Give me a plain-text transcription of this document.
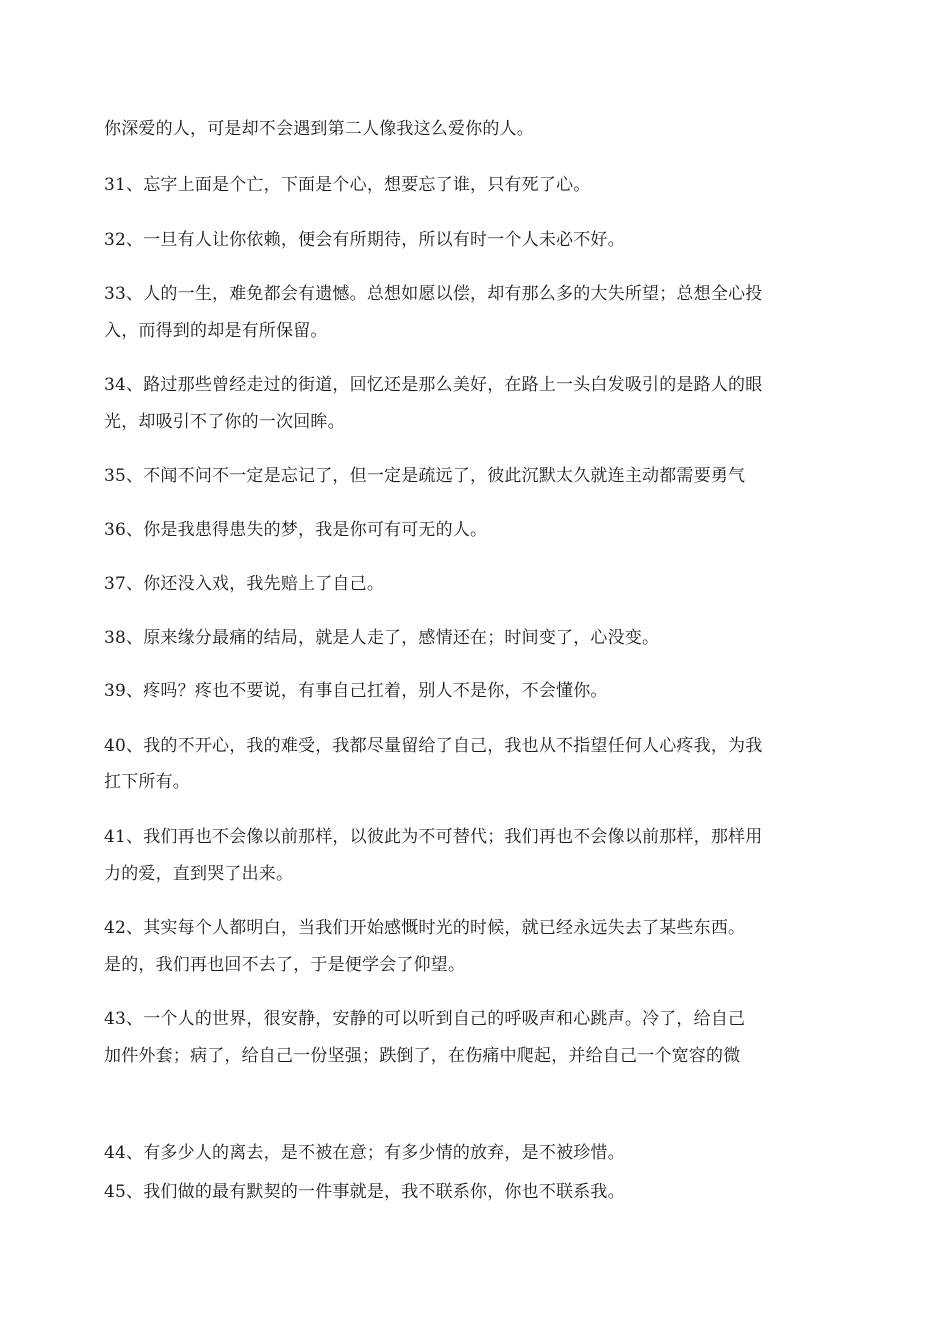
你深爱的人，可是却不会遇到第二人像我这么爱你的人。
31、忘字上面是个亡，下面是个心，想要忘了谁，只有死了心。
32、一旦有人让你依赖，便会有所期待，所以有时一个人未必不好。
33、人的一生，难免都会有遗憾。总想如愿以偿，却有那么多的大失所望；总想全心投
入，而得到的却是有所保留。
34、路过那些曾经走过的街道，回忆还是那么美好，在路上一头白发吸引的是路人的眼
光，却吸引不了你的一次回眸。
35、不闻不问不一定是忘记了，但一定是疏远了，彼此沉默太久就连主动都需要勇气
36、你是我患得患失的梦，我是你可有可无的人。
37、你还没入戏，我先赔上了自己。
38、原来缘分最痛的结局，就是人走了，感情还在；时间变了，心没变。
39、疼吗？疼也不要说，有事自己扛着，别人不是你，不会懂你。
40、我的不开心，我的难受，我都尽量留给了自己，我也从不指望任何人心疼我，为我
扛下所有。
41、我们再也不会像以前那样，以彼此为不可替代；我们再也不会像以前那样，那样用
力的爱，直到哭了出来。
42、其实每个人都明白，当我们开始感慨时光的时候，就已经永远失去了某些东西。
是的，我们再也回不去了，于是便学会了仰望。
43、一个人的世界，很安静，安静的可以听到自己的呼吸声和心跳声。冷了，给自己
加件外套；病了，给自己一份坚强；跌倒了，在伤痛中爬起，并给自己一个宽容的微
44、有多少人的离去，是不被在意；有多少情的放弃，是不被珍惜。
45、我们做的最有默契的一件事就是，我不联系你，你也不联系我。
